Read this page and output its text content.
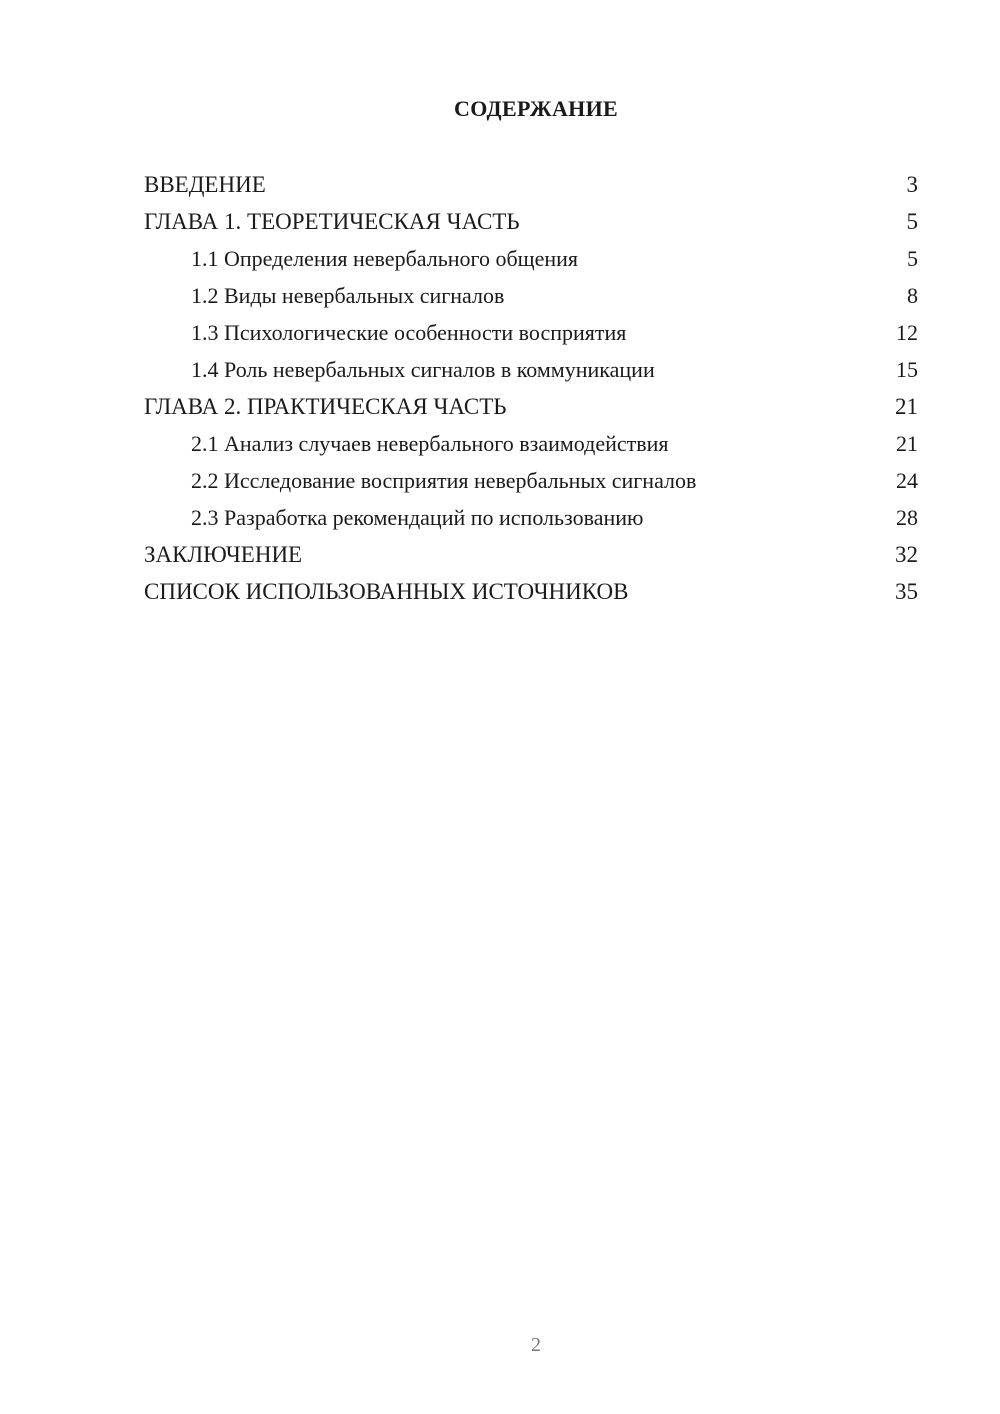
СОДЕРЖАНИЕ
ВВЕДЕНИЕ	3
ГЛАВА 1. ТЕОРЕТИЧЕСКАЯ ЧАСТЬ	5
1.1 Определения невербального общения	5
1.2 Виды невербальных сигналов	8
1.3 Психологические особенности восприятия	12
1.4 Роль невербальных сигналов в коммуникации	15
ГЛАВА 2. ПРАКТИЧЕСКАЯ ЧАСТЬ	21
2.1 Анализ случаев невербального взаимодействия	21
2.2 Исследование восприятия невербальных сигналов	24
2.3 Разработка рекомендаций по использованию	28
ЗАКЛЮЧЕНИЕ	32
СПИСОК ИСПОЛЬЗОВАННЫХ ИСТОЧНИКОВ	35
2
